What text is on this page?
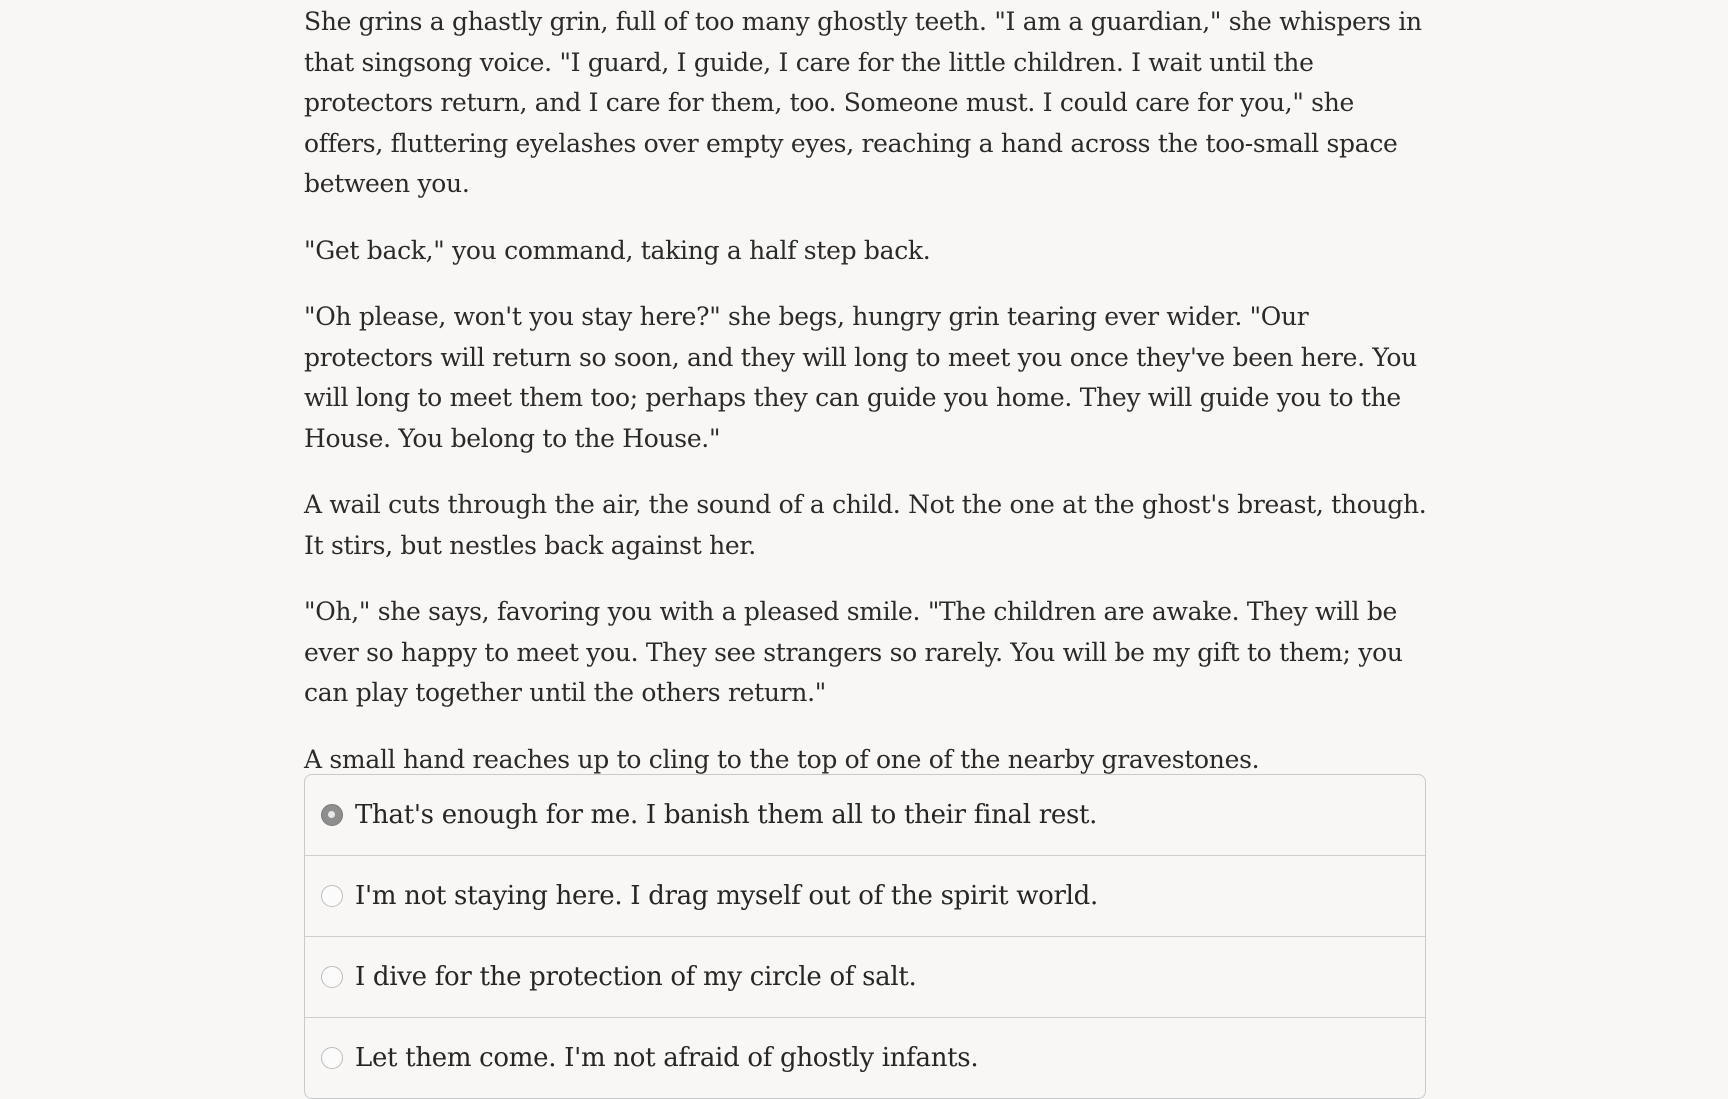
She grins a ghastly grin, full of too many ghostly teeth. "I am a guardian," she whispers in that singsong voice. "I guard, I guide, I care for the little children. I wait until the protectors return, and I care for them, too. Someone must. I could care for you," she offers, fluttering eyelashes over empty eyes, reaching a hand across the too-small space between you.

"Get back," you command, taking a half step back.

"Oh please, won't you stay here?" she begs, hungry grin tearing ever wider. "Our protectors will return so soon, and they will long to meet you once they've been here. You will long to meet them too; perhaps they can guide you home. They will guide you to the House. You belong to the House."

A wail cuts through the air, the sound of a child. Not the one at the ghost's breast, though. It stirs, but nestles back against her.

"Oh," she says, favoring you with a pleased smile. "The children are awake. They will be ever so happy to meet you. They see strangers so rarely. You will be my gift to them; you can play together until the others return."

A small hand reaches up to cling to the top of one of the nearby gravestones.

That's enough for me. I banish them all to their final rest.
I'm not staying here. I drag myself out of the spirit world.
I dive for the protection of my circle of salt.
Let them come. I'm not afraid of ghostly infants.
